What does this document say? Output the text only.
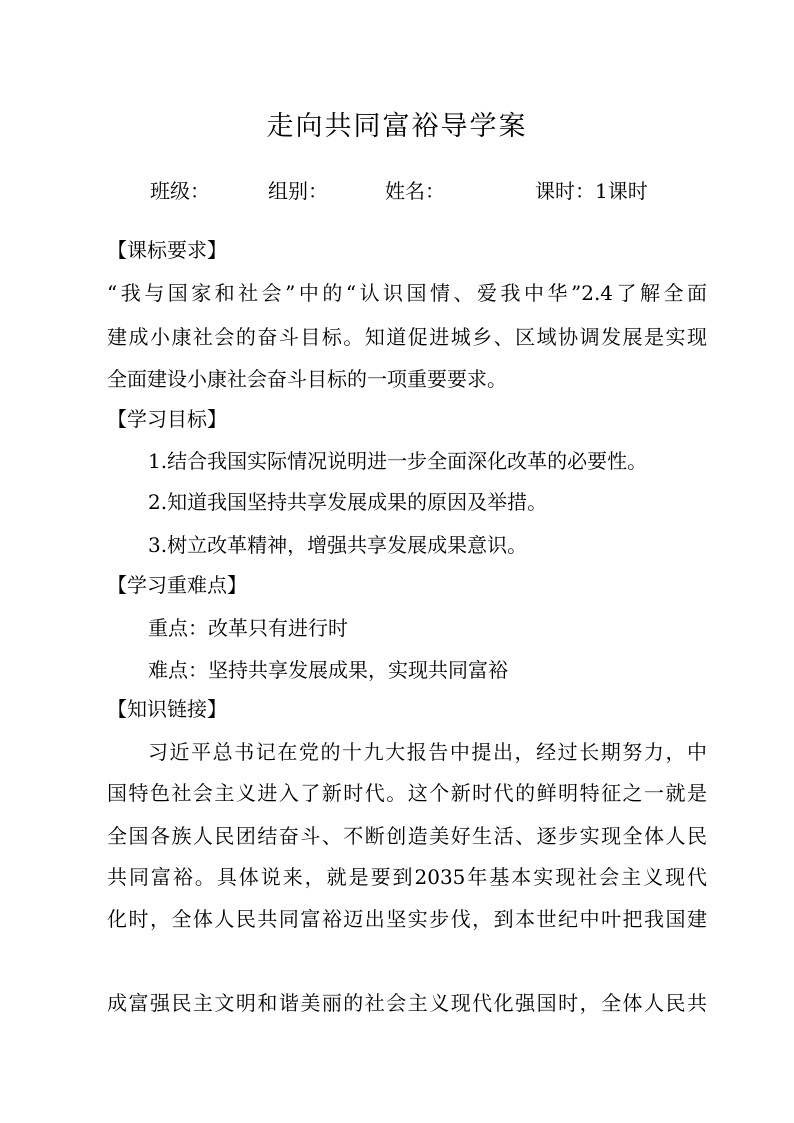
走向共同富裕导学案
班级：	组别：	姓名：	课时：1课时
【课标要求】
“我与国家和社会”中的“认识国情、爱我中华”2.4了解全面
建成小康社会的奋斗目标。知道促进城乡、区域协调发展是实现
全面建设小康社会奋斗目标的一项重要要求。
【学习目标】
1.结合我国实际情况说明进一步全面深化改革的必要性。
2.知道我国坚持共享发展成果的原因及举措。
3.树立改革精神，增强共享发展成果意识。
【学习重难点】
重点：改革只有进行时
难点：坚持共享发展成果，实现共同富裕
【知识链接】
习近平总书记在党的十九大报告中提出，经过长期努力，中
国特色社会主义进入了新时代。这个新时代的鲜明特征之一就是
全国各族人民团结奋斗、不断创造美好生活、逐步实现全体人民
共同富裕。具体说来，就是要到2035年基本实现社会主义现代
化时，全体人民共同富裕迈出坚实步伐，到本世纪中叶把我国建
成富强民主文明和谐美丽的社会主义现代化强国时，全体人民共
